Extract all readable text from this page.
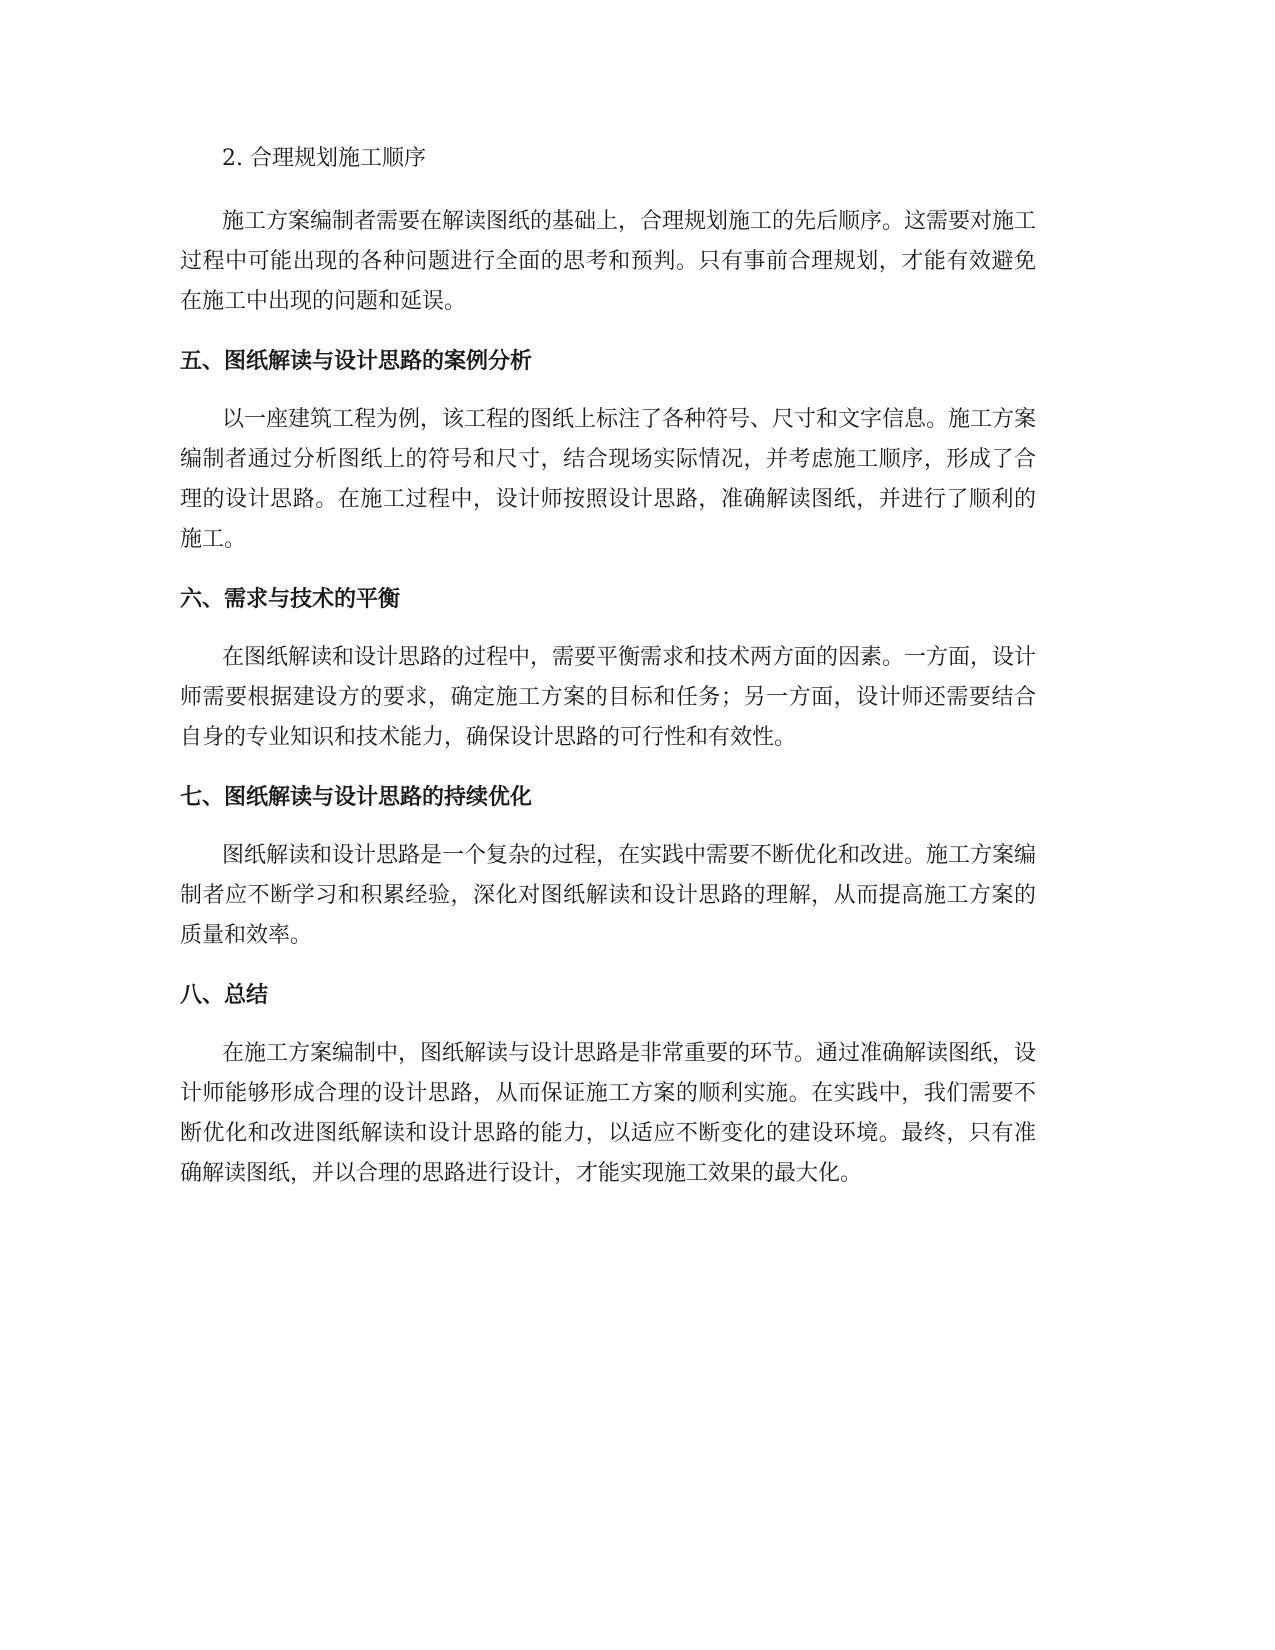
2. 合理规划施工顺序

施工方案编制者需要在解读图纸的基础上，合理规划施工的先后顺序。这需要对施工过程中可能出现的各种问题进行全面的思考和预判。只有事前合理规划，才能有效避免在施工中出现的问题和延误。

五、图纸解读与设计思路的案例分析

以一座建筑工程为例，该工程的图纸上标注了各种符号、尺寸和文字信息。施工方案编制者通过分析图纸上的符号和尺寸，结合现场实际情况，并考虑施工顺序，形成了合理的设计思路。在施工过程中，设计师按照设计思路，准确解读图纸，并进行了顺利的施工。

六、需求与技术的平衡

在图纸解读和设计思路的过程中，需要平衡需求和技术两方面的因素。一方面，设计师需要根据建设方的要求，确定施工方案的目标和任务；另一方面，设计师还需要结合自身的专业知识和技术能力，确保设计思路的可行性和有效性。

七、图纸解读与设计思路的持续优化

图纸解读和设计思路是一个复杂的过程，在实践中需要不断优化和改进。施工方案编制者应不断学习和积累经验，深化对图纸解读和设计思路的理解，从而提高施工方案的质量和效率。

八、总结

在施工方案编制中，图纸解读与设计思路是非常重要的环节。通过准确解读图纸，设计师能够形成合理的设计思路，从而保证施工方案的顺利实施。在实践中，我们需要不断优化和改进图纸解读和设计思路的能力，以适应不断变化的建设环境。最终，只有准确解读图纸，并以合理的思路进行设计，才能实现施工效果的最大化。
